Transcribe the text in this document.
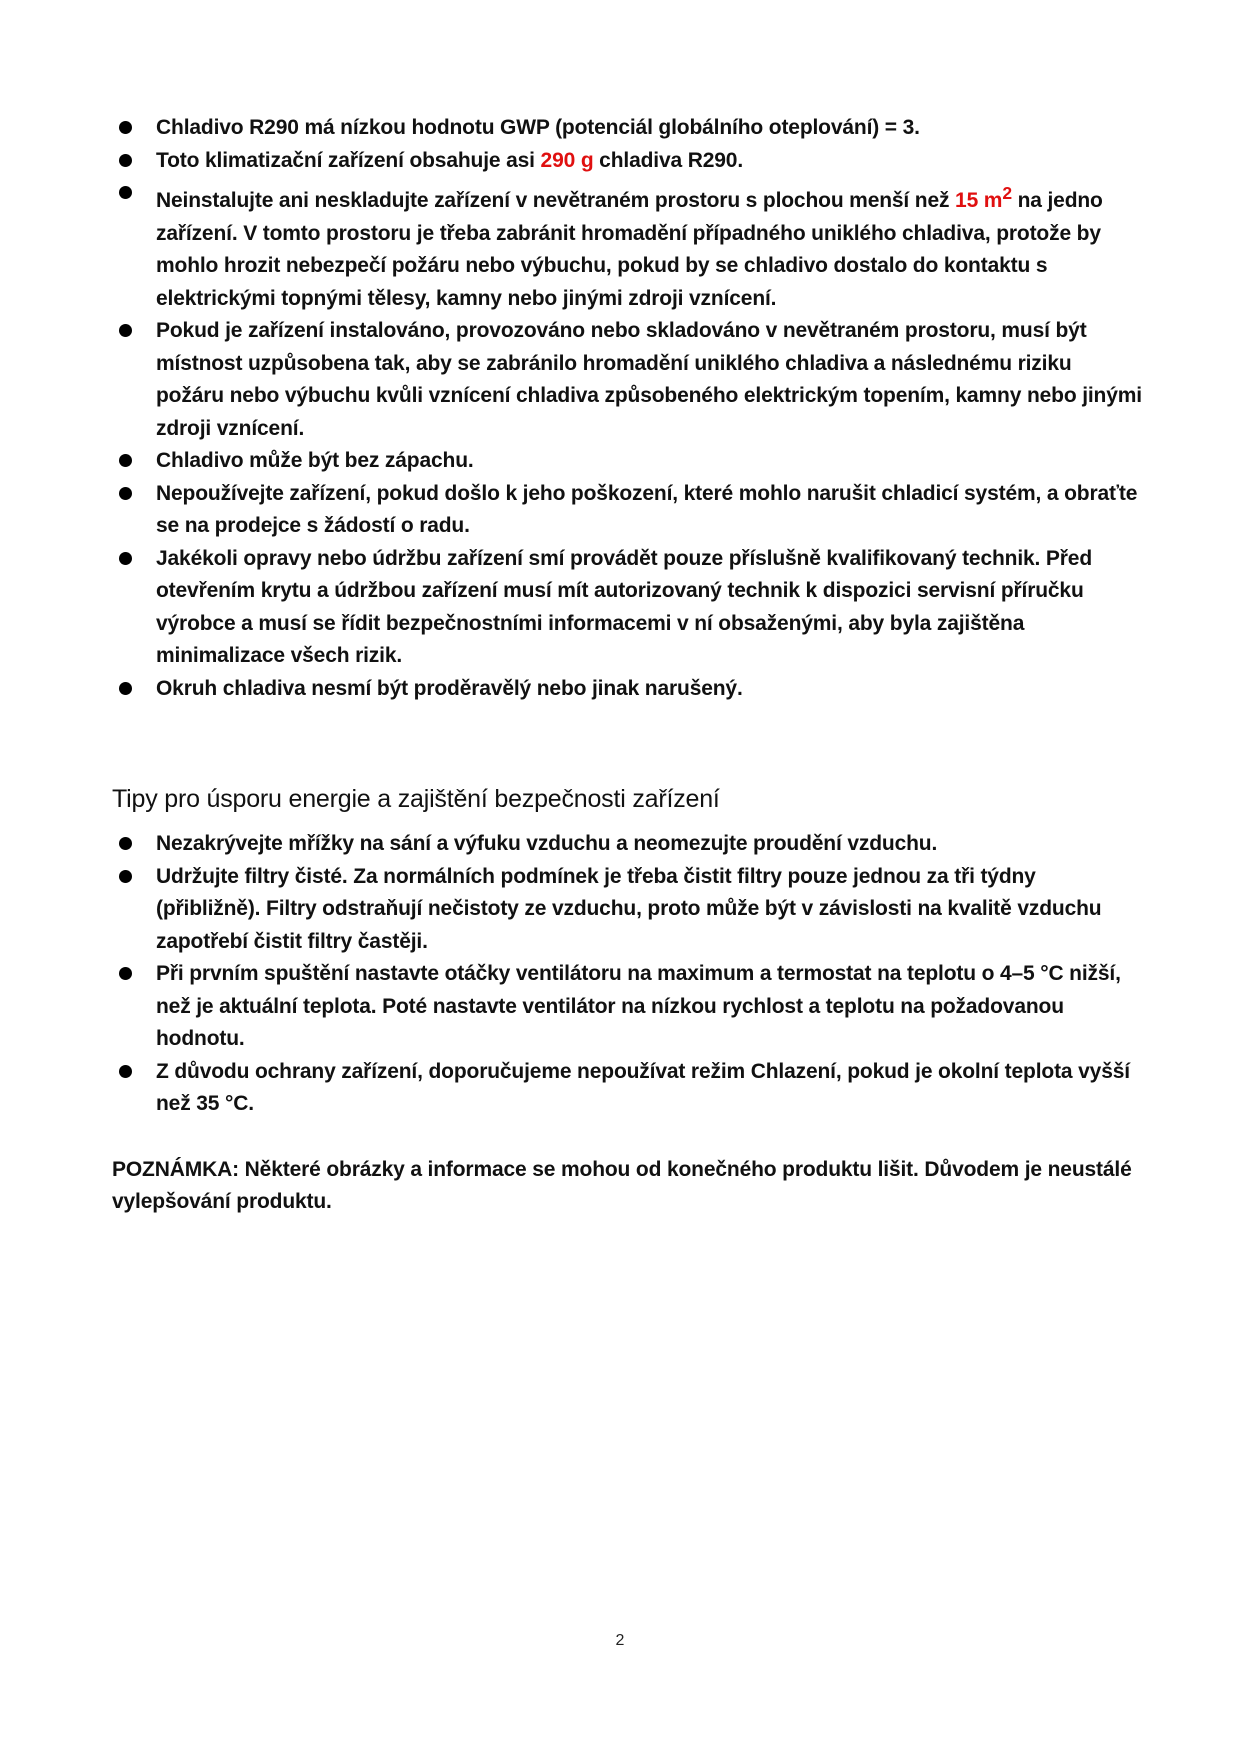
Chladivo R290 má nízkou hodnotu GWP (potenciál globálního oteplování) = 3.
Toto klimatizační zařízení obsahuje asi 290 g chladiva R290.
Neinstalujte ani neskladujte zařízení v nevětraném prostoru s plochou menší než 15 $m^2$ na jedno zařízení. V tomto prostoru je třeba zabránit hromadění případného uniklého chladiva, protože by mohlo hrozit nebezpečí požáru nebo výbuchu, pokud by se chladivo dostalo do kontaktu s elektrickými topnými tělesy, kamny nebo jinými zdroji vznícení.
Pokud je zařízení instalováno, provozováno nebo skladováno v nevětraném prostoru, musí být místnost uzpůsobena tak, aby se zabránilo hromadění uniklého chladiva a následnému riziku požáru nebo výbuchu kvůli vznícení chladiva způsobeného elektrickým topením, kamny nebo jinými zdroji vznícení.
Chladivo může být bez zápachu.
Nepoužívejte zařízení, pokud došlo k jeho poškození, které mohlo narušit chladicí systém, a obraťte se na prodejce s žádostí o radu.
Jakékoli opravy nebo údržbu zařízení smí provádět pouze příslušně kvalifikovaný technik. Před otevřením krytu a údržbou zařízení musí mít autorizovaný technik k dispozici servisní příručku výrobce a musí se řídit bezpečnostními informacemi v ní obsaženými, aby byla zajištěna minimalizace všech rizik.
Okruh chladiva nesmí být proděravělý nebo jinak narušený.
Tipy pro úsporu energie a zajištění bezpečnosti zařízení
Nezakrývejte mřížky na sání a výfuku vzduchu a neomezujte proudění vzduchu.
Udržujte filtry čisté. Za normálních podmínek je třeba čistit filtry pouze jednou za tři týdny (přibližně). Filtry odstraňují nečistoty ze vzduchu, proto může být v závislosti na kvalitě vzduchu zapotřebí čistit filtry častěji.
Při prvním spuštění nastavte otáčky ventilátoru na maximum a termostat na teplotu o 4–5 °C nižší, než je aktuální teplota. Poté nastavte ventilátor na nízkou rychlost a teplotu na požadovanou hodnotu.
Z důvodu ochrany zařízení, doporučujeme nepoužívat režim Chlazení, pokud je okolní teplota vyšší než 35 °C.
POZNÁMKA: Některé obrázky a informace se mohou od konečného produktu lišit. Důvodem je neustálé vylepšování produktu.
2
